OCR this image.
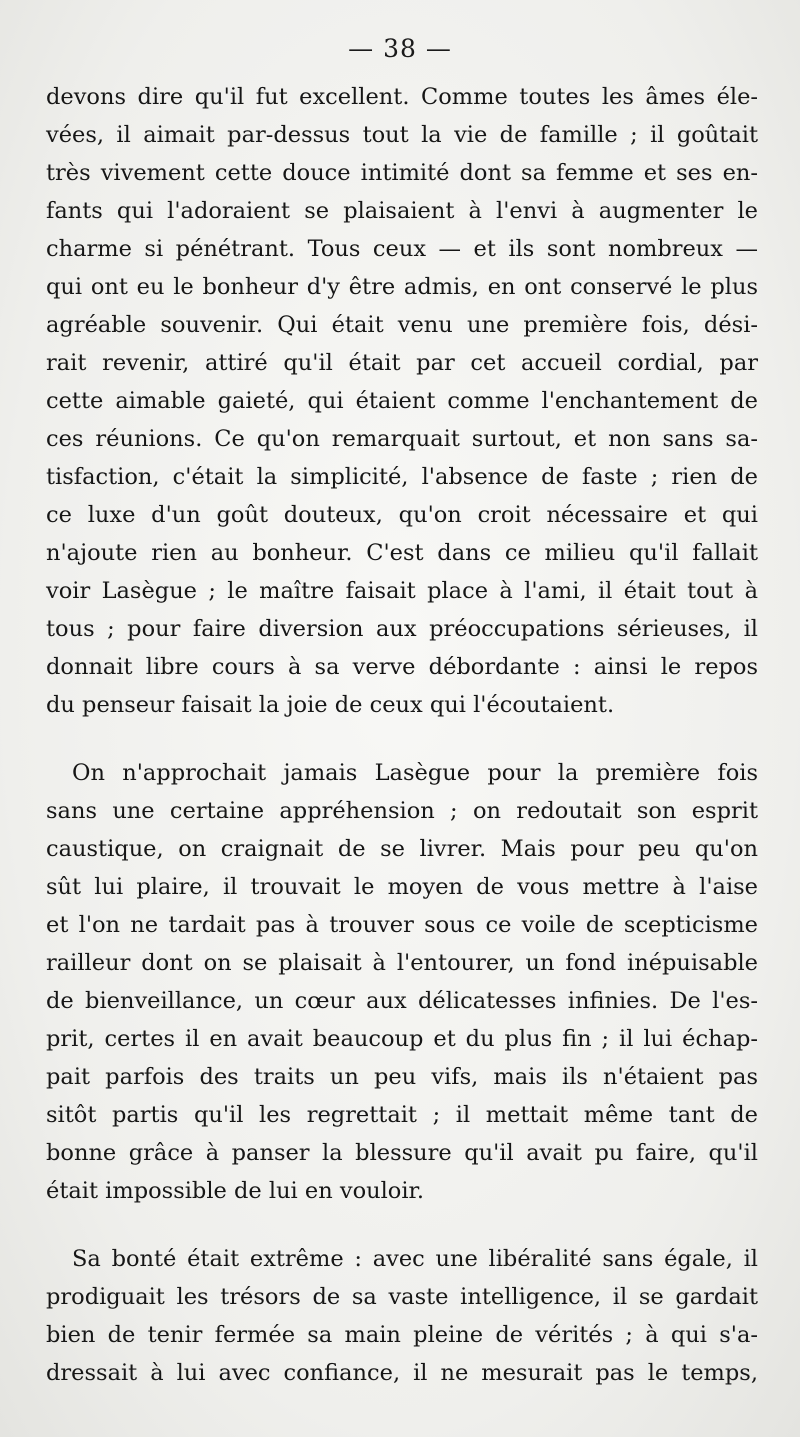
— 38 —
devons dire qu'il fut excellent. Comme toutes les âmes éle-
vées, il aimait par-dessus tout la vie de famille ; il goûtait
très vivement cette douce intimité dont sa femme et ses en-
fants qui l'adoraient se plaisaient à l'envi à augmenter le
charme si pénétrant. Tous ceux — et ils sont nombreux —
qui ont eu le bonheur d'y être admis, en ont conservé le plus
agréable souvenir. Qui était venu une première fois, dési-
rait revenir, attiré qu'il était par cet accueil cordial, par
cette aimable gaieté, qui étaient comme l'enchantement de
ces réunions. Ce qu'on remarquait surtout, et non sans sa-
tisfaction, c'était la simplicité, l'absence de faste ; rien de
ce luxe d'un goût douteux, qu'on croit nécessaire et qui
n'ajoute rien au bonheur. C'est dans ce milieu qu'il fallait
voir Lasègue ; le maître faisait place à l'ami, il était tout à
tous ; pour faire diversion aux préoccupations sérieuses, il
donnait libre cours à sa verve débordante : ainsi le repos
du penseur faisait la joie de ceux qui l'écoutaient.
On n'approchait jamais Lasègue pour la première fois
sans une certaine appréhension ; on redoutait son esprit
caustique, on craignait de se livrer. Mais pour peu qu'on
sût lui plaire, il trouvait le moyen de vous mettre à l'aise
et l'on ne tardait pas à trouver sous ce voile de scepticisme
railleur dont on se plaisait à l'entourer, un fond inépuisable
de bienveillance, un cœur aux délicatesses infinies. De l'es-
prit, certes il en avait beaucoup et du plus fin ; il lui échap-
pait parfois des traits un peu vifs, mais ils n'étaient pas
sitôt partis qu'il les regrettait ; il mettait même tant de
bonne grâce à panser la blessure qu'il avait pu faire, qu'il
était impossible de lui en vouloir.
Sa bonté était extrême : avec une libéralité sans égale, il
prodiguait les trésors de sa vaste intelligence, il se gardait
bien de tenir fermée sa main pleine de vérités ; à qui s'a-
dressait à lui avec confiance, il ne mesurait pas le temps,
